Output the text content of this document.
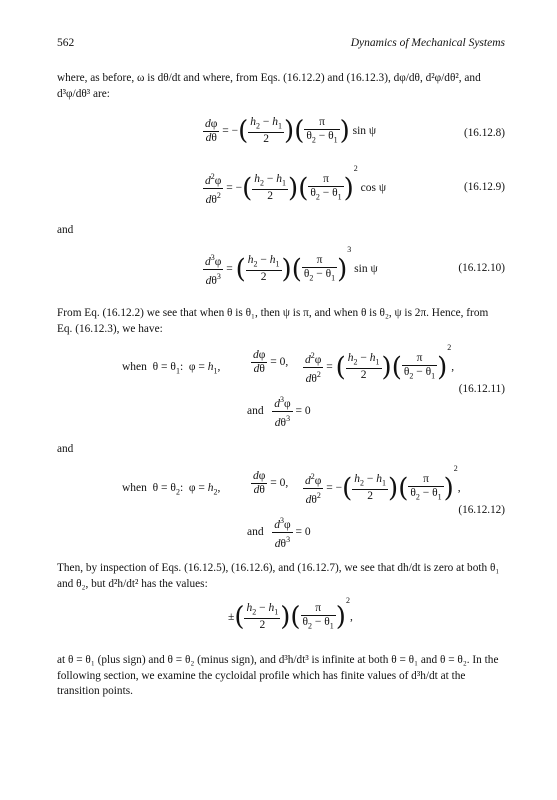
562	Dynamics of Mechanical Systems

where, as before, ω is dθ/dt and where, from Eqs. (16.12.2) and (16.12.3), dφ/dθ, d²φ/dθ², and d³φ/dθ³ are:

$\frac{d\varphi}{d\theta}$ = −( $\frac{h_2 - h_1}{2}$ )( $\frac{\pi}{\theta_2 - \theta_1}$ ) sin ψ	(16.12.8)
$\frac{d^2\varphi}{d\theta^2}$ = −( $\frac{h_2 - h_1}{2}$ )( $\frac{\pi}{\theta_2 - \theta_1} )^2$ cos ψ	(16.12.9)
and
$\frac{d^3\varphi}{d\theta^3}$ = ( $\frac{h_2 - h_1}{2}$ )( $\frac{\pi}{\theta_2 - \theta_1} )^3$ sin ψ	(16.12.10)

From Eq. (16.12.2) we see that when θ is θ₁, then ψ is π, and when θ is θ₂, ψ is 2π. Hence, from Eq. (16.12.3), we have:

when  $\theta = \theta_1$:  $\varphi = h_1$,	$\frac{d\varphi}{d\theta} = 0$, $\frac{d^2\varphi}{d\theta^2}$ = ( $\frac{h_2 - h_1}{2}$ )( $\frac{\pi}{\theta_2 - \theta_1} )^2$,
and $\frac{d^3\varphi}{d\theta^3} = 0$
(16.12.11)
and
when  $\theta = \theta_2$:  $\varphi = h_2$,	$\frac{d\varphi}{d\theta} = 0$, $\frac{d^2\varphi}{d\theta^2}$ = −( $\frac{h_2 - h_1}{2}$ )( $\frac{\pi}{\theta_2 - \theta_1} )^2$,
and $\frac{d^3\varphi}{d\theta^3} = 0$
(16.12.12)

Then, by inspection of Eqs. (16.12.5), (16.12.6), and (16.12.7), we see that dh/dt is zero at both θ₁ and θ₂, but d²h/dt² has the values:

±( $\frac{h_2 - h_1}{2}$ )( $\frac{\pi}{\theta_2 - \theta_1} )^2$,

at θ = θ₁ (plus sign) and θ = θ₂ (minus sign), and d³h/dt³ is infinite at both θ = θ₁ and θ = θ₂. In the following section, we examine the cycloidal profile which has finite values of d³h/dt at the transition points.
